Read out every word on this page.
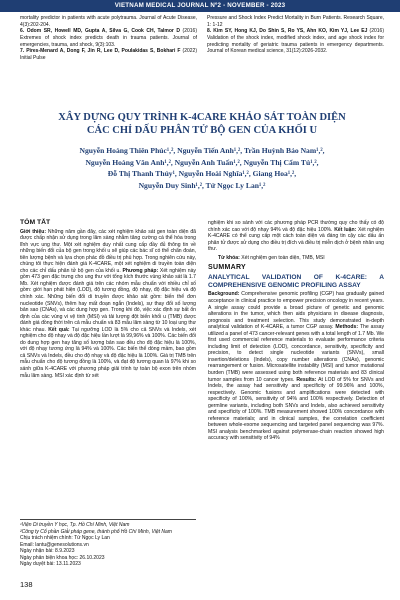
VIETNAM MEDICAL JOURNAL Nº2 - NOVEMBER - 2023

mortality predictor in patients with acute polytrauma. Journal of Acute Disease, 4(3):202-204.

6. Odom SR, Howell MD, Gupta A, Silva G, Cook CH, Talmor D (2016) Extremes of shock index predicts death in trauma patients. Journal of emergencies, trauma, and shock, 9(3):103.

7. Pires-Menard A, Dong F, Jin R, Lee D, Poulakidas S, Bokhari F (2022) Initial Pulse

Pressure and Shock Index Predict Mortality in Burn Patients. Research Square, 1: 1-12

8. Kim SY, Hong KJ, Do Shin S, Ro YS, Ahn KO, Kim YJ, Lee EJ (2016) Validation of the shock index, modified shock index, and age shock index for predicting mortality of geriatric trauma patients in emergency departments. Journal of Korean medical science, 31(12):2026-2032.

XÂY DỰNG QUY TRÌNH K-4CARE KHẢO SÁT TOÀN DIỆN
CÁC CHỈ DẤU PHÂN TỬ BỘ GEN CỦA KHỐI U
Nguyễn Hoàng Thiên Phúc¹,², Nguyễn Tiến Anh¹,², Trần Huỳnh Bảo Nam¹,²,
Nguyễn Hoàng Vân Anh¹,², Nguyễn Anh Tuấn¹,², Nguyễn Thị Cẩm Tú¹,²,
Đỗ Thị Thanh Thủy¹, Nguyễn Hoài Nghĩa¹,², Giang Hoa¹,²,
Nguyễn Duy Sinh¹,², Tứ Ngọc Ly Lan¹,²
TÓM TẮT

Giới thiệu: Những năm gần đây, các xét nghiệm khảo sát gen toàn diện đã được chấp nhận sử dụng trong lâm sàng nhằm tăng cường cá thể hóa trong lĩnh vực ung thư. Một xét nghiệm duy nhất cung cấp đầy đủ thông tin về những biến đổi của bộ gen trong khối u sẽ giúp các bác sĩ có thể chẩn đoán, tiên lượng bệnh và lựa chọn phác đồ điều trị phù hợp. Trong nghiên cứu này, chúng tôi thực hiện đánh giá K-4CARE, một xét nghiệm di truyền toàn diện cho các chỉ dấu phân tử bộ gen của khối u. Phương pháp: Xét nghiệm này gồm 473 gen đặc trưng cho ung thư với tổng kích thước vùng khảo sát là 1.7 Mb. Xét nghiệm được đánh giá trên các nhóm mẫu chuẩn với nhiều chỉ số gồm: giới hạn phát hiện (LOD), độ tương đồng, độ nhạy, độ đặc hiệu và độ chính xác. Những biến đổi di truyền được khảo sát gồm: biến thể đơn nucleotide (SNVs), thêm hay mất đoạn ngắn (Indels), sự thay đổi số lượng bản sao (CNAs), và các dung hợp gen. Trong khi đó, việc xác định sự bất ổn định của các vùng vi vệ tinh (MSI) và tải lượng đột biến khối u (TMB) được đánh giá đồng thời trên cả mẫu chuẩn và 83 mẫu lâm sàng từ 10 loại ung thư khác nhau. Kết quả: Tại ngưỡng LOD là 5% cho cả SNVs và Indels, xét nghiệm cho độ nhạy và độ đặc hiệu lần lượt là 99,96% và 100%. Các biến đổi do dung hợp gen hay tăng số lượng bản sao đều cho độ đặc hiệu là 100%, với độ nhạy tương ứng là 94% và 100%. Các biến thể dòng mầm, bao gồm cả SNVs và Indels, đều cho độ nhạy và độ đặc hiệu là 100%. Giá trị TMB trên mẫu chuẩn cho độ tương đồng là 100%, và đạt độ tương quan là 97% khi so sánh giữa K-4CARE với phương pháp giải trình tự toàn bộ exon trên nhóm mẫu lâm sàng. MSI xác định từ xét

¹Viện Di truyền Y học, Tp. Hồ Chí Minh, Việt Nam
²Công ty Cổ phần Giải pháp gene, thành phố Hồ Chí Minh, Việt Nam
Chịu trách nhiệm chính: Tứ Ngọc Ly Lan
Email: lantu@genesolutions.vn
Ngày nhận bài: 8.9.2023
Ngày phản biện khoa học: 26.10.2023
Ngày duyệt bài: 13.11.2023
138

nghiệm khi so sánh với các phương pháp PCR thường quy cho thấy có độ chính xác cao với độ nhạy 94% và độ đặc hiệu 100%. Kết luận: Xét nghiệm K-4CARE có thể cung cấp một cách toàn diện và đáng tin cậy các dấu ấn phân tử được sử dụng cho điều trị đích và điều trị miễn dịch ở bệnh nhân ung thư.

Từ khóa: Xét nghiệm gen toàn diện, TMB, MSI

SUMMARY
ANALYTICAL VALIDATION OF K-4CARE: A COMPREHENSIVE GENOMIC PROFILING ASSAY

Background: Comprehensive genomic profiling (CGP) has gradually gained acceptance in clinical practice to empower precision oncology in recent years. A single assay could provide a broad picture of genetic and genomic alterations in the tumor, which then aids physicians in disease diagnosis, prognosis and treatment selection. This study demonstrated in-depth analytical validation of K-4CARE, a tumor CGP assay. Methods: The assay utilized a panel of 473 cancer-relevant genes with a total length of 1.7 Mb. We first used commercial reference materials to evaluate performance criteria including limit of detection (LOD), concordance, sensitivity, specificity and precision, to detect single nucleotide variants (SNVs), small insertion/deletions (Indels), copy number alterations (CNAs), genomic rearrangement or fusion. Microsatellite instability (MSI) and tumor mutational burden (TMB) were assessed using both reference materials and 83 clinical tumor samples from 10 cancer types. Results: At LOD of 5% for SNVs and Indels, the assay had sensitivity and specificity of 99.96% and 100%, respectively. Genomic fusions and amplifications were detected with specificity of 100%, sensitivity of 94% and 100% respectively. Detection of germline variants, including both SNVs and Indels, also achieved sensitivity and specificity of 100%. TMB measurement showed 100% concordance with reference materials; and in clinical samples, the correlation coefficient between whole-exome sequencing and targeted panel sequencing was 97%. MSI analysis benchmarked against polymerase-chain reaction showed high accuracy with sensitivity of 94%
